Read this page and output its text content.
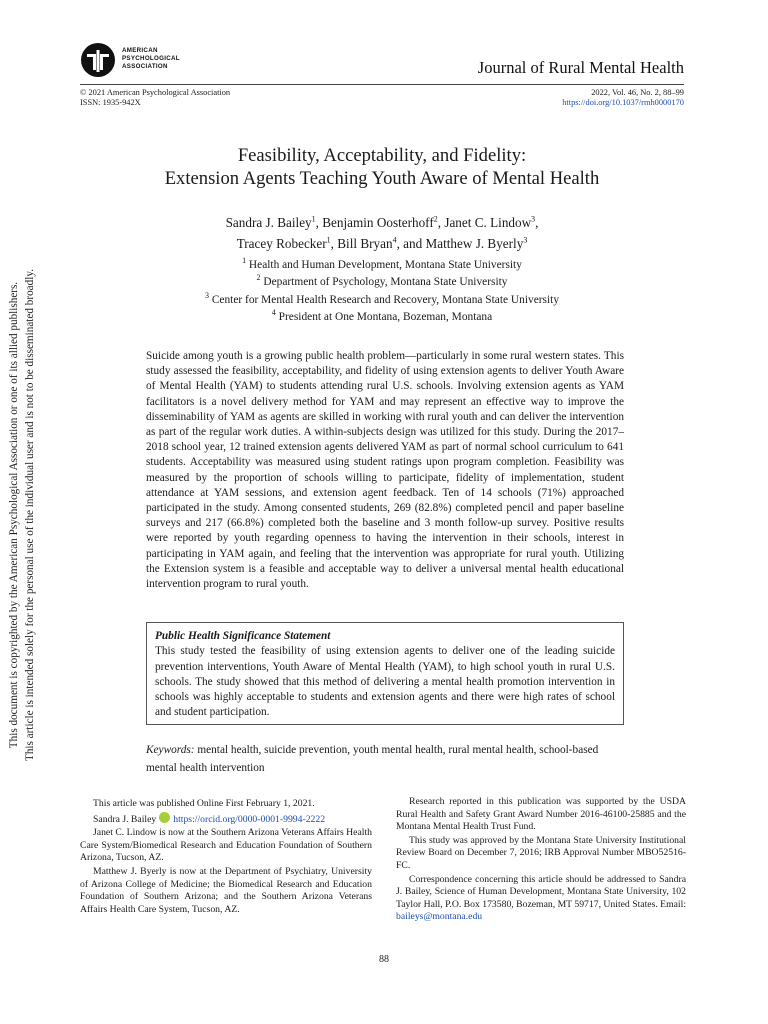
This document is copyrighted by the American Psychological Association or one of its allied publishers. This article is intended solely for the personal use of the individual user and is not to be disseminated broadly.
AMERICAN
PSYCHOLOGICAL
ASSOCIATION	Journal of Rural Mental Health
© 2021 American Psychological Association
ISSN: 1935-942X
2022, Vol. 46, No. 2, 88–99
https://doi.org/10.1037/rmh0000170
Feasibility, Acceptability, and Fidelity:
Extension Agents Teaching Youth Aware of Mental Health
Sandra J. Bailey$^1$, Benjamin Oosterhoff$^2$, Janet C. Lindow$^3$,
Tracey Robecker$^1$, Bill Bryan$^4$, and Matthew J. Byerly$^3$
$^1$ Health and Human Development, Montana State University
$^2$ Department of Psychology, Montana State University
$^3$ Center for Mental Health Research and Recovery, Montana State University
$^4$ President at One Montana, Bozeman, Montana
Suicide among youth is a growing public health problem—particularly in some rural western states. This study assessed the feasibility, acceptability, and fidelity of using extension agents to deliver Youth Aware of Mental Health (YAM) to students attending rural U.S. schools. Involving extension agents as YAM facilitators is a novel delivery method for YAM and may represent an effective way to improve the disseminability of YAM as agents are skilled in working with rural youth and can deliver the intervention as part of the regular work duties. A within-subjects design was utilized for this study. During the 2017–2018 school year, 12 trained extension agents delivered YAM as part of normal school curriculum to 641 students. Acceptability was measured using student ratings upon program completion. Feasibility was measured by the proportion of schools willing to participate, fidelity of implementation, student attendance at YAM sessions, and extension agent feedback. Ten of 14 schools (71%) approached participated in the study. Among consented students, 269 (82.8%) completed pencil and paper baseline surveys and 217 (66.8%) completed both the baseline and 3 month follow-up survey. Positive results were reported by youth regarding openness to having the intervention in their schools, interest in participating in YAM again, and feeling that the intervention was appropriate for rural youth. Utilizing the Extension system is a feasible and acceptable way to deliver a universal mental health educational intervention program to rural youth.
Public Health Significance Statement
This study tested the feasibility of using extension agents to deliver one of the leading suicide prevention interventions, Youth Aware of Mental Health (YAM), to high school youth in rural U.S. schools. The study showed that this method of delivering a mental health promotion intervention in schools was highly acceptable to students and extension agents and there were high rates of school and student participation.
Keywords: mental health, suicide prevention, youth mental health, rural mental health, school-based mental health intervention

This article was published Online First February 1, 2021.

Sandra J. Bailey https://orcid.org/0000-0001-9994-2222

Janet C. Lindow is now at the Southern Arizona Veterans Affairs Health Care System/Biomedical Research and Education Foundation of Southern Arizona, Tucson, AZ.

Matthew J. Byerly is now at the Department of Psychiatry, University of Arizona College of Medicine; the Biomedical Research and Education Foundation of Southern Arizona; and the Southern Arizona Veterans Affairs Health Care System, Tucson, AZ.

Research reported in this publication was supported by the USDA Rural Health and Safety Grant Award Number 2016-46100-25885 and the Montana Mental Health Trust Fund.

This study was approved by the Montana State University Institutional Review Board on December 7, 2016; IRB Approval Number MBO52516-FC.

Correspondence concerning this article should be addressed to Sandra J. Bailey, Science of Human Development, Montana State University, 102 Taylor Hall, P.O. Box 173580, Bozeman, MT 59717, United States. Email: baileys@montana.edu

88
